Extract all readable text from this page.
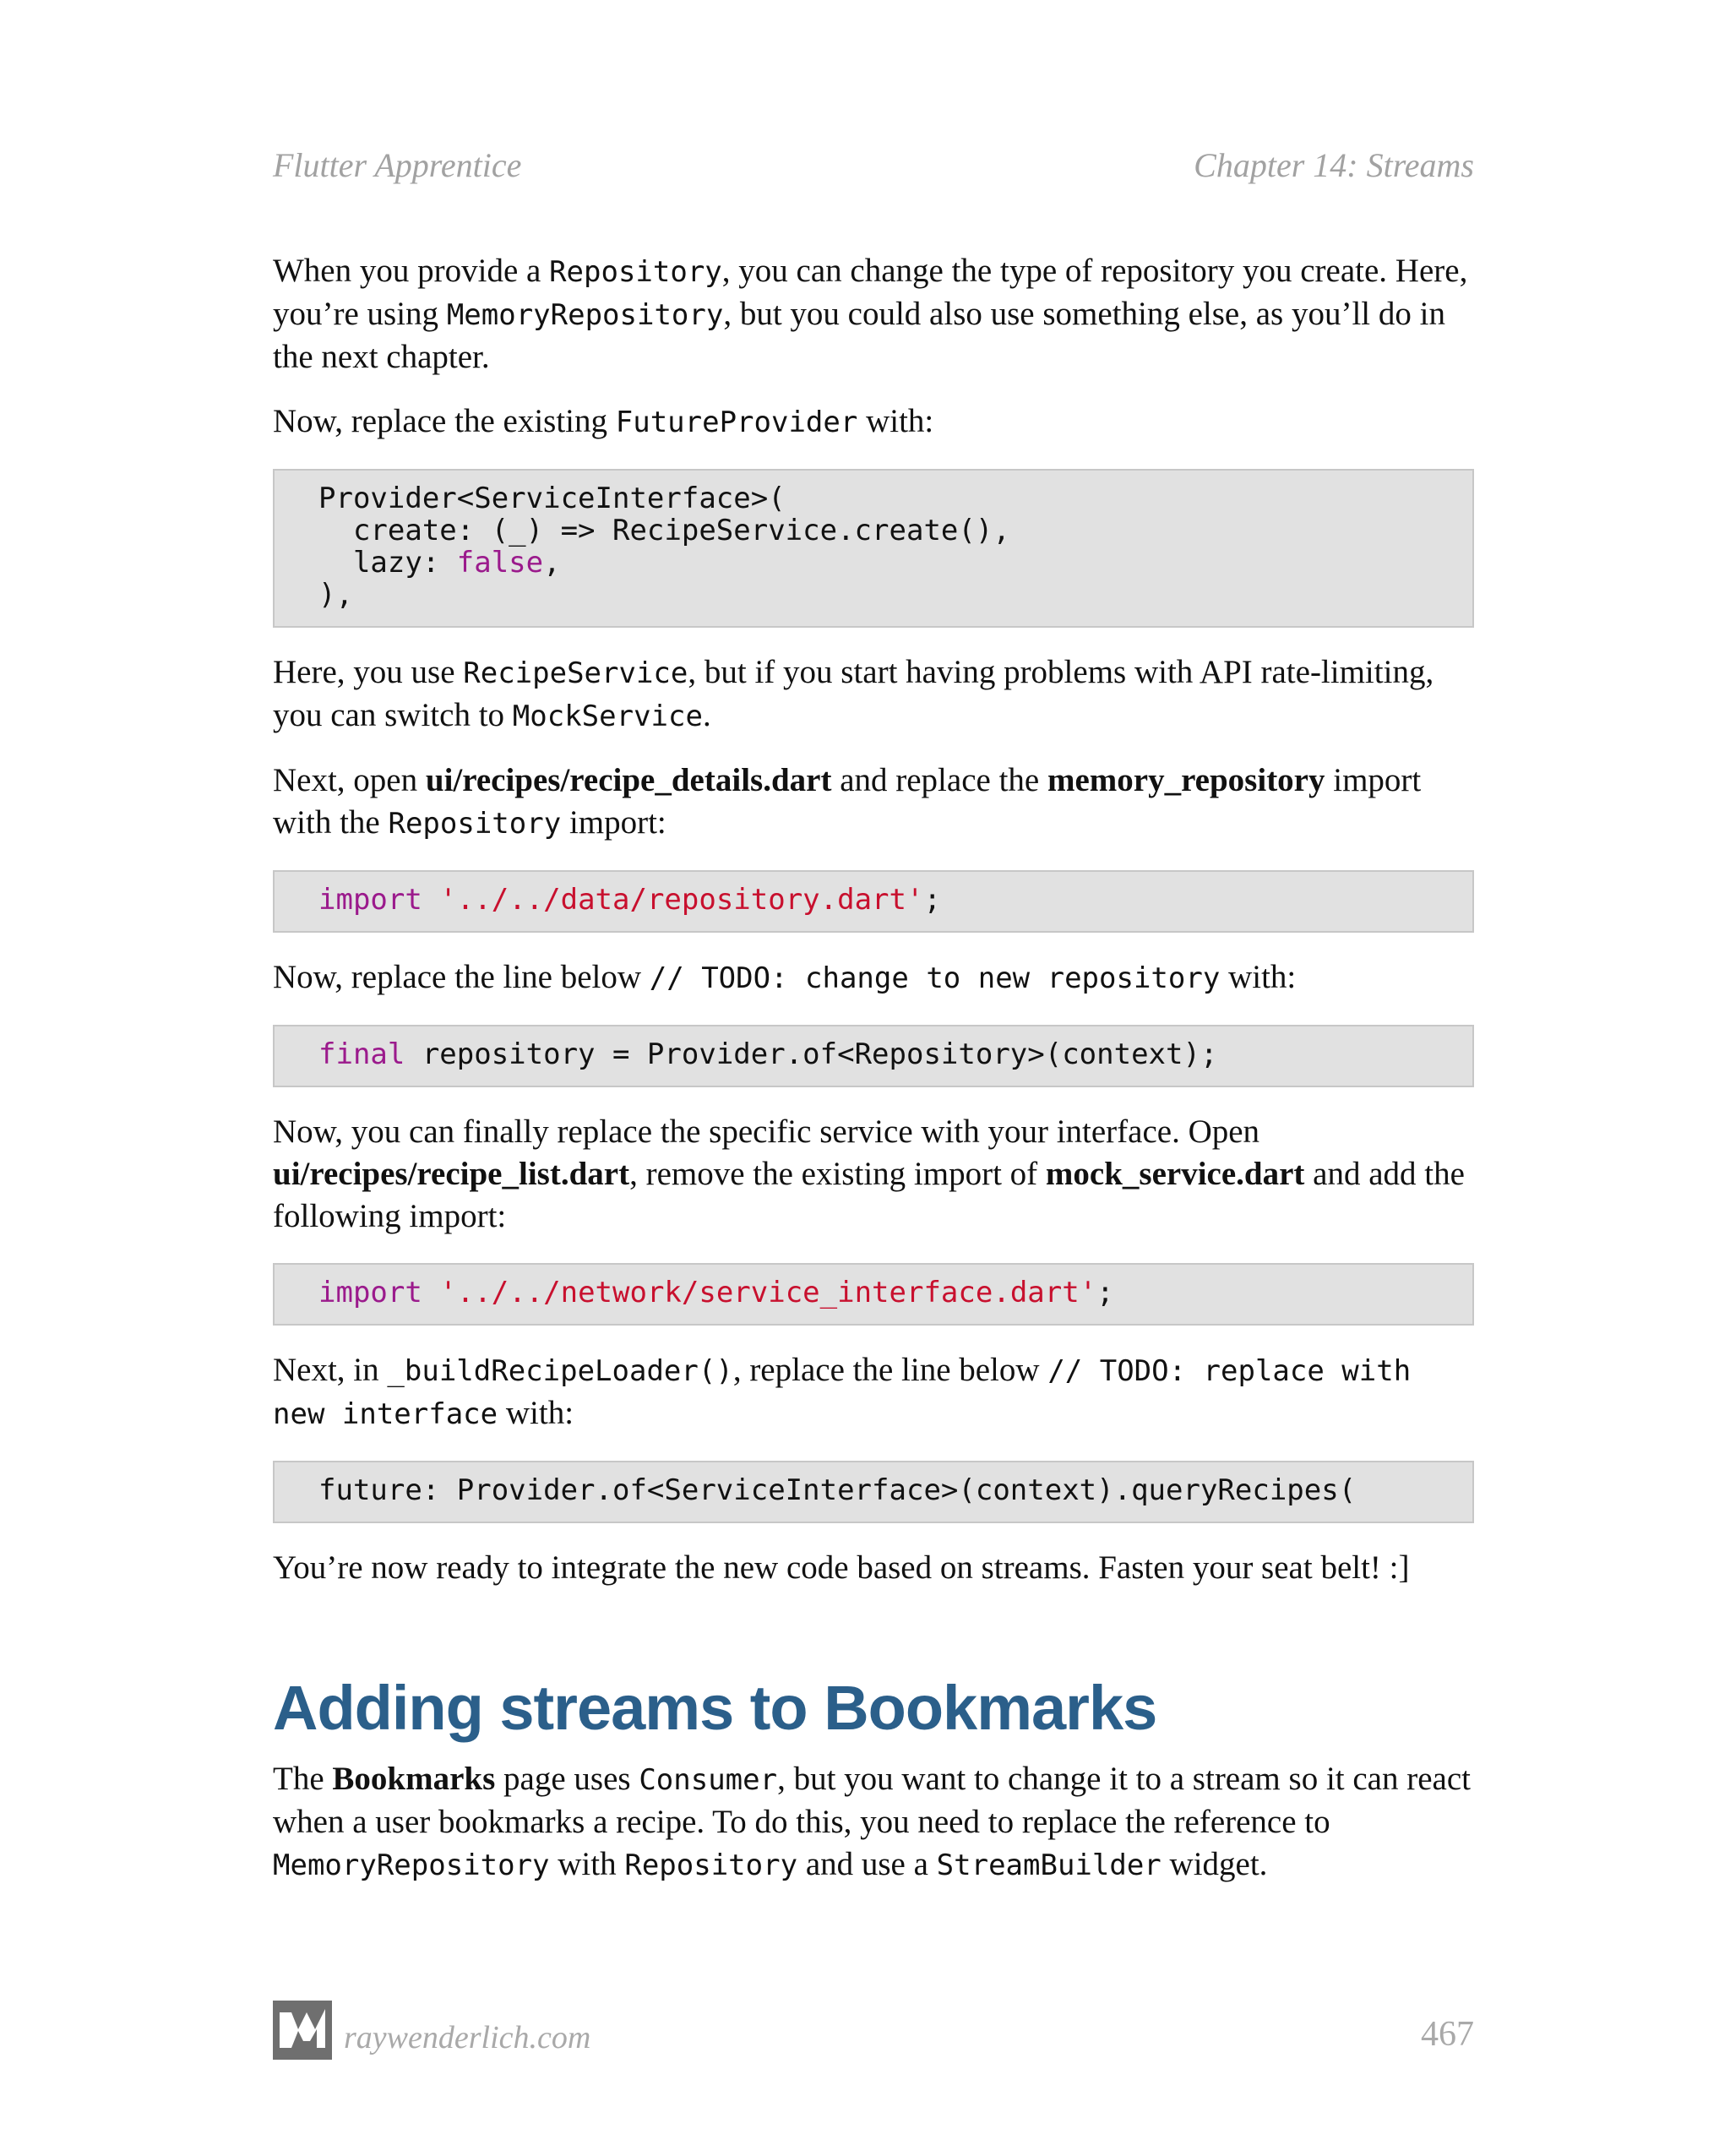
Flutter Apprentice	Chapter 14: Streams

When you provide a Repository, you can change the type of repository you create. Here, you’re using MemoryRepository, but you could also use something else, as you’ll do in the next chapter.

Now, replace the existing FutureProvider with:

Provider<ServiceInterface>(
create: (_) => RecipeService.create(),
lazy: false,
),

Here, you use RecipeService, but if you start having problems with API rate-limiting, you can switch to MockService.

Next, open ui/recipes/recipe_details.dart and replace the memory_repository import with the Repository import:

import '../../data/repository.dart';

Now, replace the line below // TODO: change to new repository with:

final repository = Provider.of<Repository>(context);

Now, you can finally replace the specific service with your interface. Open ui/recipes/recipe_list.dart, remove the existing import of mock_service.dart and add the following import:

import '../../network/service_interface.dart';

Next, in _buildRecipeLoader(), replace the line below // TODO: replace with new interface with:

future: Provider.of<ServiceInterface>(context).queryRecipes(

You’re now ready to integrate the new code based on streams. Fasten your seat belt! :]

Adding streams to Bookmarks

The Bookmarks page uses Consumer, but you want to change it to a stream so it can react when a user bookmarks a recipe. To do this, you need to replace the reference to MemoryRepository with Repository and use a StreamBuilder widget.

raywenderlich.com	467
